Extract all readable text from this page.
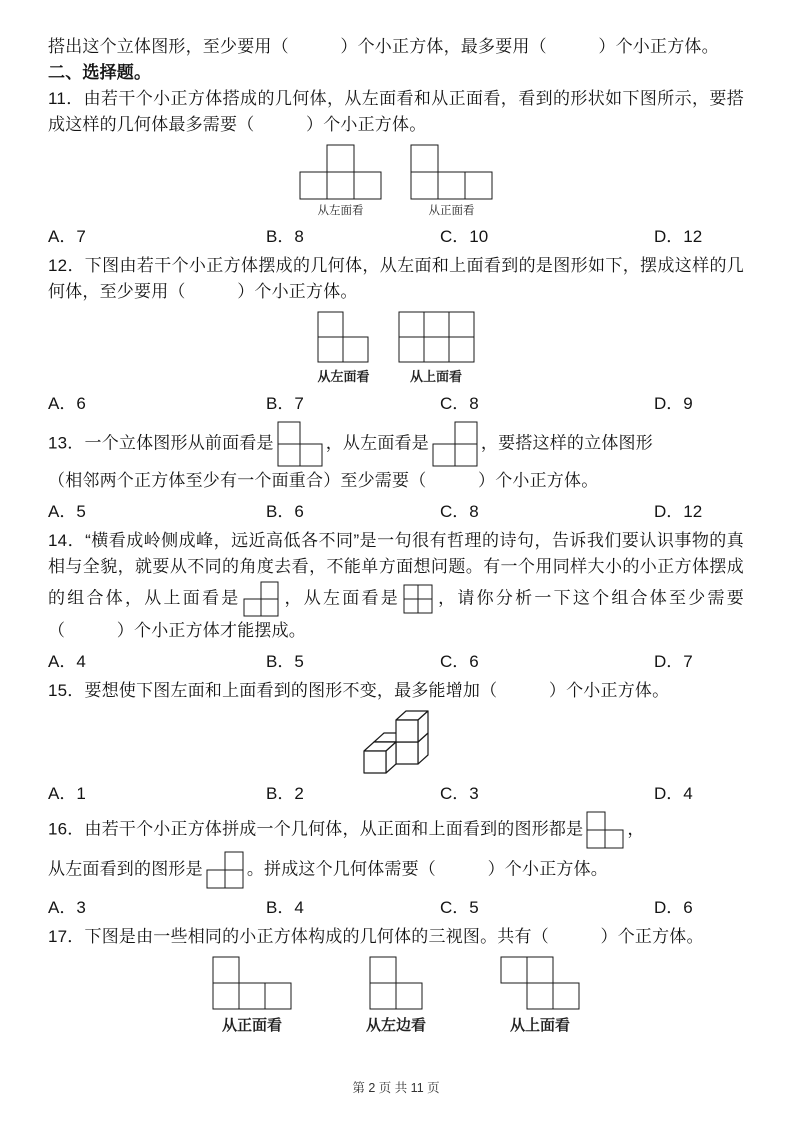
搭出这个立体图形，至少要用（　　　）个小正方体，最多要用（　　　）个小正方体。

二、选择题。

11．由若干个小正方体搭成的几何体，从左面看和从正面看，看到的形状如下图所示，要搭成这样的几何体最多需要（　　　）个小正方体。

从左面看	从正面看
A．7	B．8	C．10	D．12

12．下图由若干个小正方体摆成的几何体，从左面和上面看到的是图形如下，摆成这样的几何体，至少要用（　　　）个小正方体。

从左面看	从上面看
A．6	B．7	C．8	D．9

13．一个立体图形从前面看是	，从左面看是	，要搭这样的立体图形

（相邻两个正方体至少有一个面重合）至少需要（　　　）个小正方体。

A．5	B．6	C．8	D．12

14．“横看成岭侧成峰，远近高低各不同”是一句很有哲理的诗句，告诉我们要认识事物的真相与全貌，就要从不同的角度去看，不能单方面想问题。有一个用同样大小的小正方体摆成的组合体，从上面看是 ，从左面看是 ，请你分析一下这个组合体至少需要（　　　）个小正方体才能摆成。

A．4	B．5	C．6	D．7

15．要想使下图左面和上面看到的图形不变，最多能增加（　　　）个小正方体。

A．1	B．2	C．3	D．4

16．由若干个小正方体拼成一个几何体，从正面和上面看到的图形都是	，

从左面看到的图形是	。拼成这个几何体需要（　　　）个小正方体。

A．3	B．4	C．5	D．6

17．下图是由一些相同的小正方体构成的几何体的三视图。共有（　　　）个正方体。

从正面看	从左边看	从上面看
第 2 页 共 11 页
